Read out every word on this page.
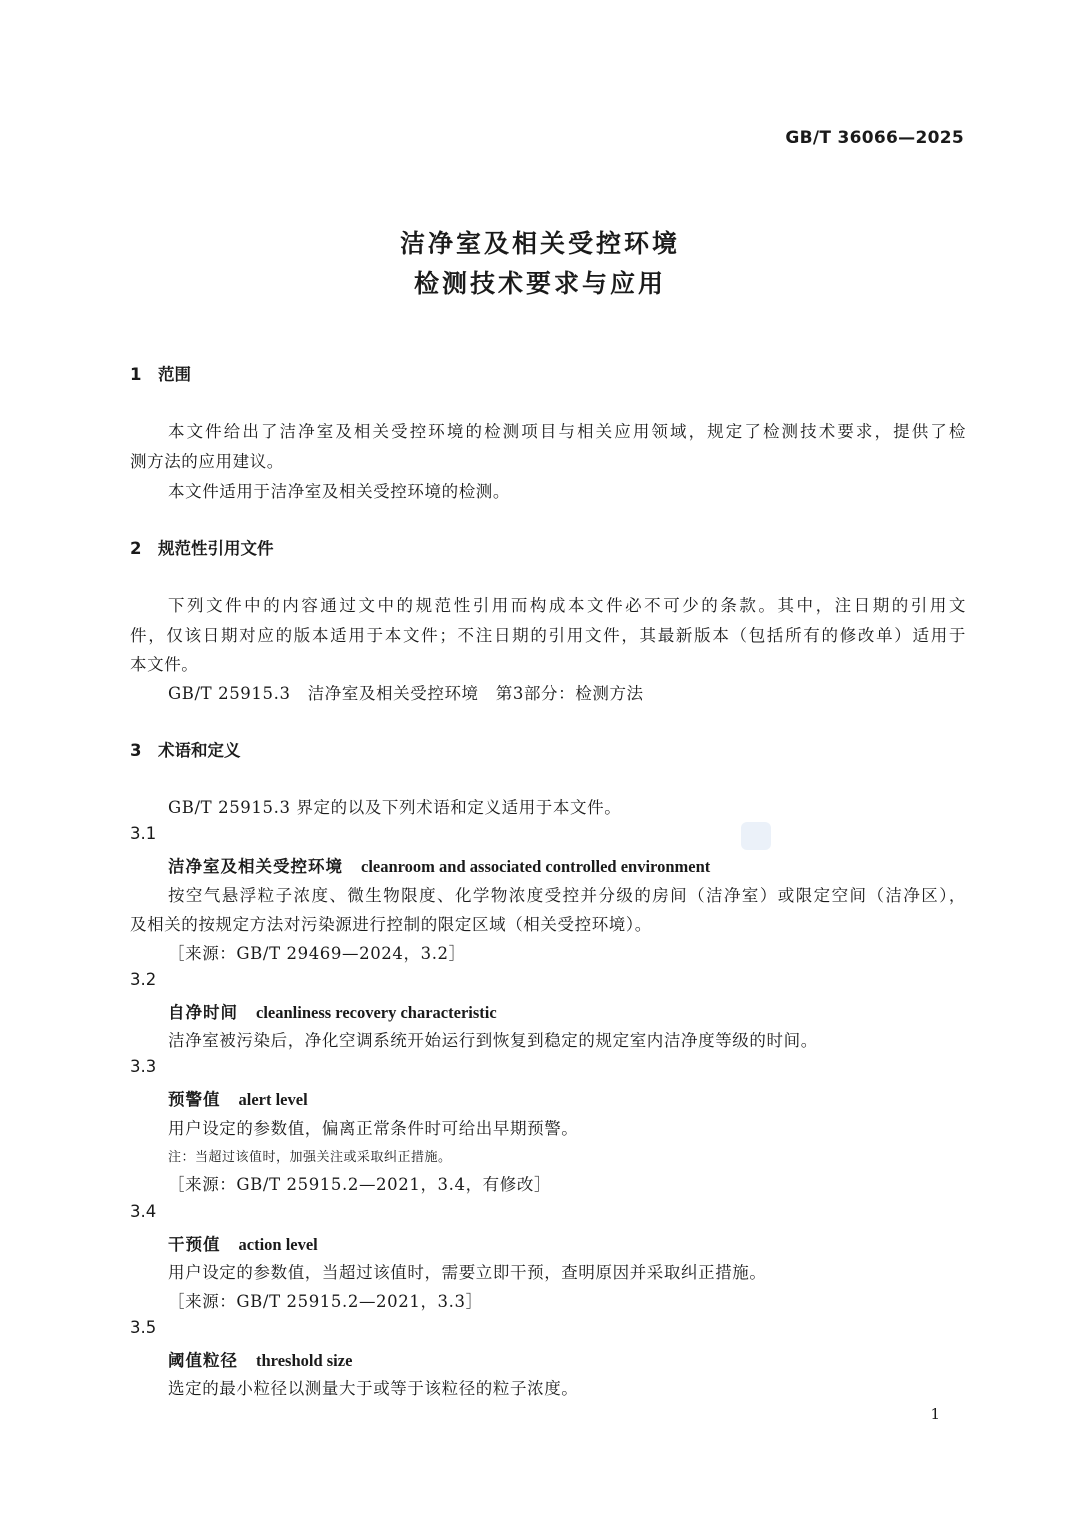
GB/T 36066—2025
洁净室及相关受控环境
检测技术要求与应用
1 范围
本文件给出了洁净室及相关受控环境的检测项目与相关应用领域，规定了检测技术要求，提供了检
测方法的应用建议。
本文件适用于洁净室及相关受控环境的检测。
2 规范性引用文件
下列文件中的内容通过文中的规范性引用而构成本文件必不可少的条款。其中，注日期的引用文
件，仅该日期对应的版本适用于本文件；不注日期的引用文件，其最新版本（包括所有的修改单）适用于
本文件。
GB/T 25915.3　洁净室及相关受控环境　第3部分：检测方法
3 术语和定义
GB/T 25915.3 界定的以及下列术语和定义适用于本文件。
3.1
洁净室及相关受控环境 cleanroom and associated controlled environment
按空气悬浮粒子浓度、微生物限度、化学物浓度受控并分级的房间（洁净室）或限定空间（洁净区），
及相关的按规定方法对污染源进行控制的限定区域（相关受控环境）。
［来源：GB/T 29469—2024，3.2］
3.2
自净时间 cleanliness recovery characteristic
洁净室被污染后，净化空调系统开始运行到恢复到稳定的规定室内洁净度等级的时间。
3.3
预警值 alert level
用户设定的参数值，偏离正常条件时可给出早期预警。
注：当超过该值时，加强关注或采取纠正措施。
［来源：GB/T 25915.2—2021，3.4，有修改］
3.4
干预值 action level
用户设定的参数值，当超过该值时，需要立即干预，查明原因并采取纠正措施。
［来源：GB/T 25915.2—2021，3.3］
3.5
阈值粒径 threshold size
选定的最小粒径以测量大于或等于该粒径的粒子浓度。
1
